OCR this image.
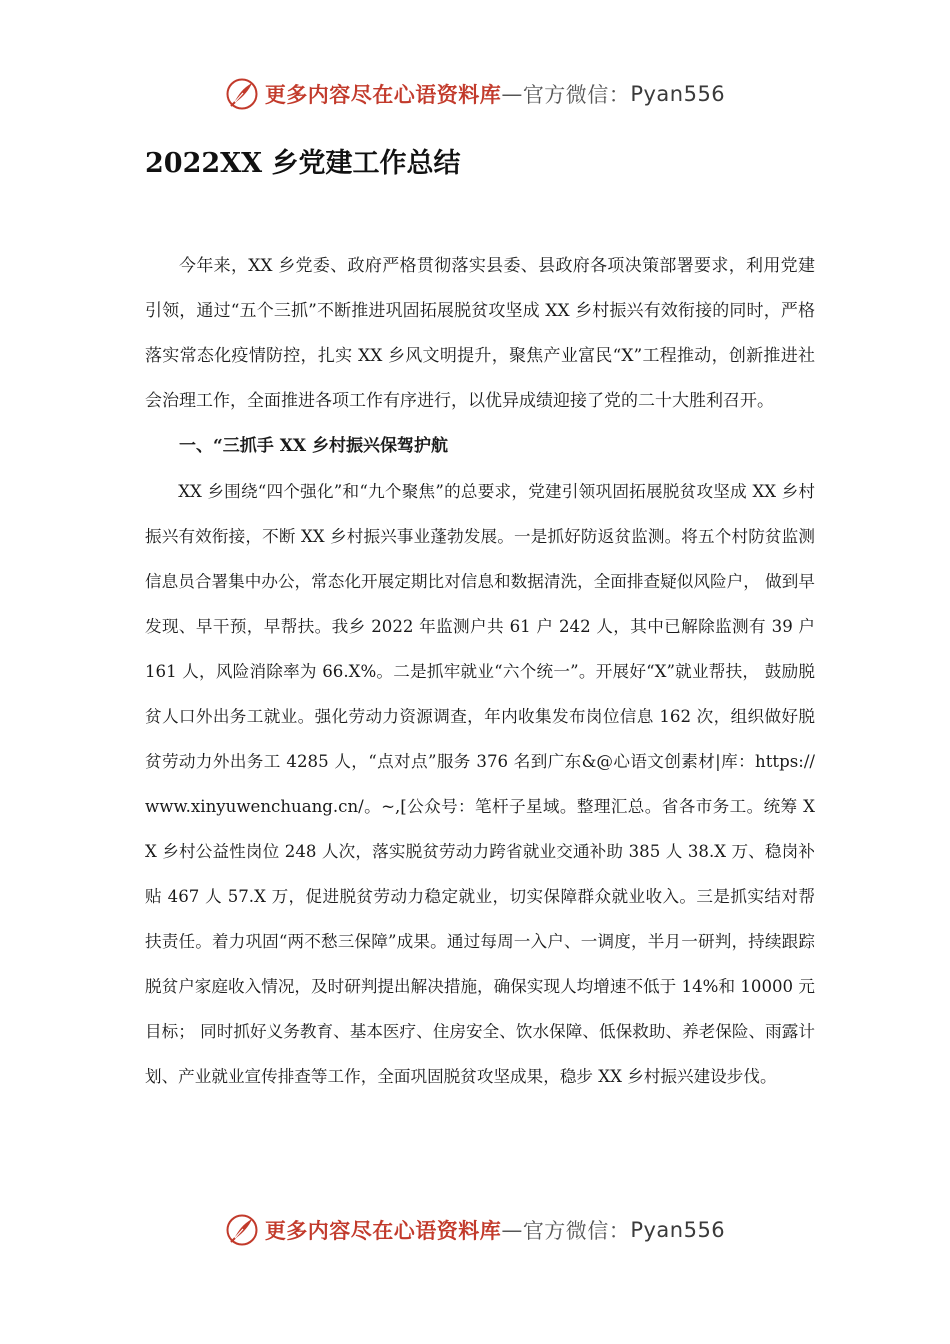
更多内容尽在心语资料库 — 官方微信： Pyan556
2022XX 乡党建工作总结

今年来，XX 乡党委、政府严格贯彻落实县委、县政府各项决策部署要求，利用党建引领，通过“五个三抓”不断推进巩固拓展脱贫攻坚成 XX 乡村振兴有效衔接的同时，严格落实常态化疫情防控，扎实 XX 乡风文明提升，聚焦产业富民“X”工程推动，创新推进社会治理工作，全面推进各项工作有序进行，以优异成绩迎接了党的二十大胜利召开。

一、“三抓手 XX 乡村振兴保驾护航

XX 乡围绕“四个强化”和“九个聚焦”的总要求，党建引领巩固拓展脱贫攻坚成 XX 乡村振兴有效衔接，不断 XX 乡村振兴事业蓬勃发展。一是抓好防返贫监测。将五个村防贫监测信息员合署集中办公，常态化开展定期比对信息和数据清洗，全面排查疑似风险户， 做到早发现、早干预，早帮扶。我乡 2022 年监测户共 61 户 242 人，其中已解除监测有 39 户 161 人，风险消除率为 66.X%。二是抓牢就业“六个统一”。开展好“X”就业帮扶， 鼓励脱贫人口外出务工就业。强化劳动力资源调查，年内收集发布岗位信息 162 次，组织做好脱贫劳动力外出务工 4285 人，“点对点”服务 376 名到广东&@心语文创素材|库：https://www.xinyuwenchuang.cn/。~,[公众号：笔杆子星域。整理汇总。省各市务工。统筹 XX 乡村公益性岗位 248 人次，落实脱贫劳动力跨省就业交通补助 385 人 38.X 万、稳岗补贴 467 人 57.X 万，促进脱贫劳动力稳定就业，切实保障群众就业收入。三是抓实结对帮扶责任。着力巩固“两不愁三保障”成果。通过每周一入户、一调度，半月一研判，持续跟踪脱贫户家庭收入情况，及时研判提出解决措施，确保实现人均增速不低于 14%和 10000 元目标； 同时抓好义务教育、基本医疗、住房安全、饮水保障、低保救助、养老保险、雨露计划、产业就业宣传排查等工作，全面巩固脱贫攻坚成果，稳步 XX 乡村振兴建设步伐。

更多内容尽在心语资料库 — 官方微信： Pyan556
